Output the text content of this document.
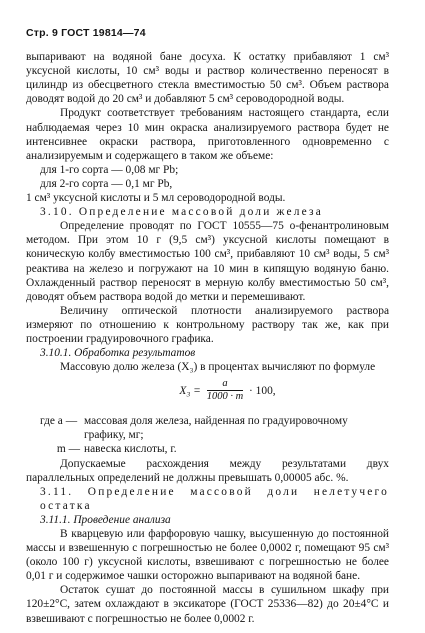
Стр. 9 ГОСТ 19814—74

выпаривают на водяной бане досуха. К остатку прибавляют 1 см³ уксусной кислоты, 10 см³ воды и раствор количественно переносят в цилиндр из обесцветного стекла вместимостью 50 см³. Объем раствора доводят водой до 20 см³ и добавляют 5 см³ сероводородной воды.

Продукт соответствует требованиям настоящего стандарта, если наблюдаемая через 10 мин окраска анализируемого раствора будет не интенсивнее окраски раствора, приготовленного одновременно с анализируемым и содержащего в таком же объеме:

для 1-го сорта — 0,08 мг Pb;

для 2-го сорта — 0,1 мг Pb,

1 см³ уксусной кислоты и 5 мл сероводородной воды.

3.10. Определение массовой доли железа

Определение проводят по ГОСТ 10555—75 о-фенантролиновым методом. При этом 10 г (9,5 см³) уксусной кислоты помещают в коническую колбу вместимостью 100 см³, прибавляют 10 см³ воды, 5 см³ реактива на железо и погружают на 10 мин в кипящую водяную баню. Охлажденный раствор переносят в мерную колбу вместимостью 50 см³, доводят объем раствора водой до метки и перемешивают.

Величину оптической плотности анализируемого раствора измеряют по отношению к контрольному раствору так же, как при построении градуировочного графика.

3.10.1. Обработка результатов

Массовую долю железа (X₃) в процентах вычисляют по формуле

$X_3 = \frac{a}{1000 \cdot m} \cdot 100$,
где a — массовая доля железа, найденная по градуировочному графику, мг;
m — навеска кислоты, г.

Допускаемые расхождения между результатами двух параллельных определений не должны превышать 0,00005 абс. %.

3.11. Определение массовой доли нелетучего остатка

3.11.1. Проведение анализа

В кварцевую или фарфоровую чашку, высушенную до постоянной массы и взвешенную с погрешностью не более 0,0002 г, помещают 95 см³ (около 100 г) уксусной кислоты, взвешивают с погрешностью не более 0,01 г и содержимое чашки осторожно выпаривают на водяной бане.

Остаток сушат до постоянной массы в сушильном шкафу при 120±2°С, затем охлаждают в эксикаторе (ГОСТ 25336—82) до 20±4°С и взвешивают с погрешностью не более 0,0002 г.
